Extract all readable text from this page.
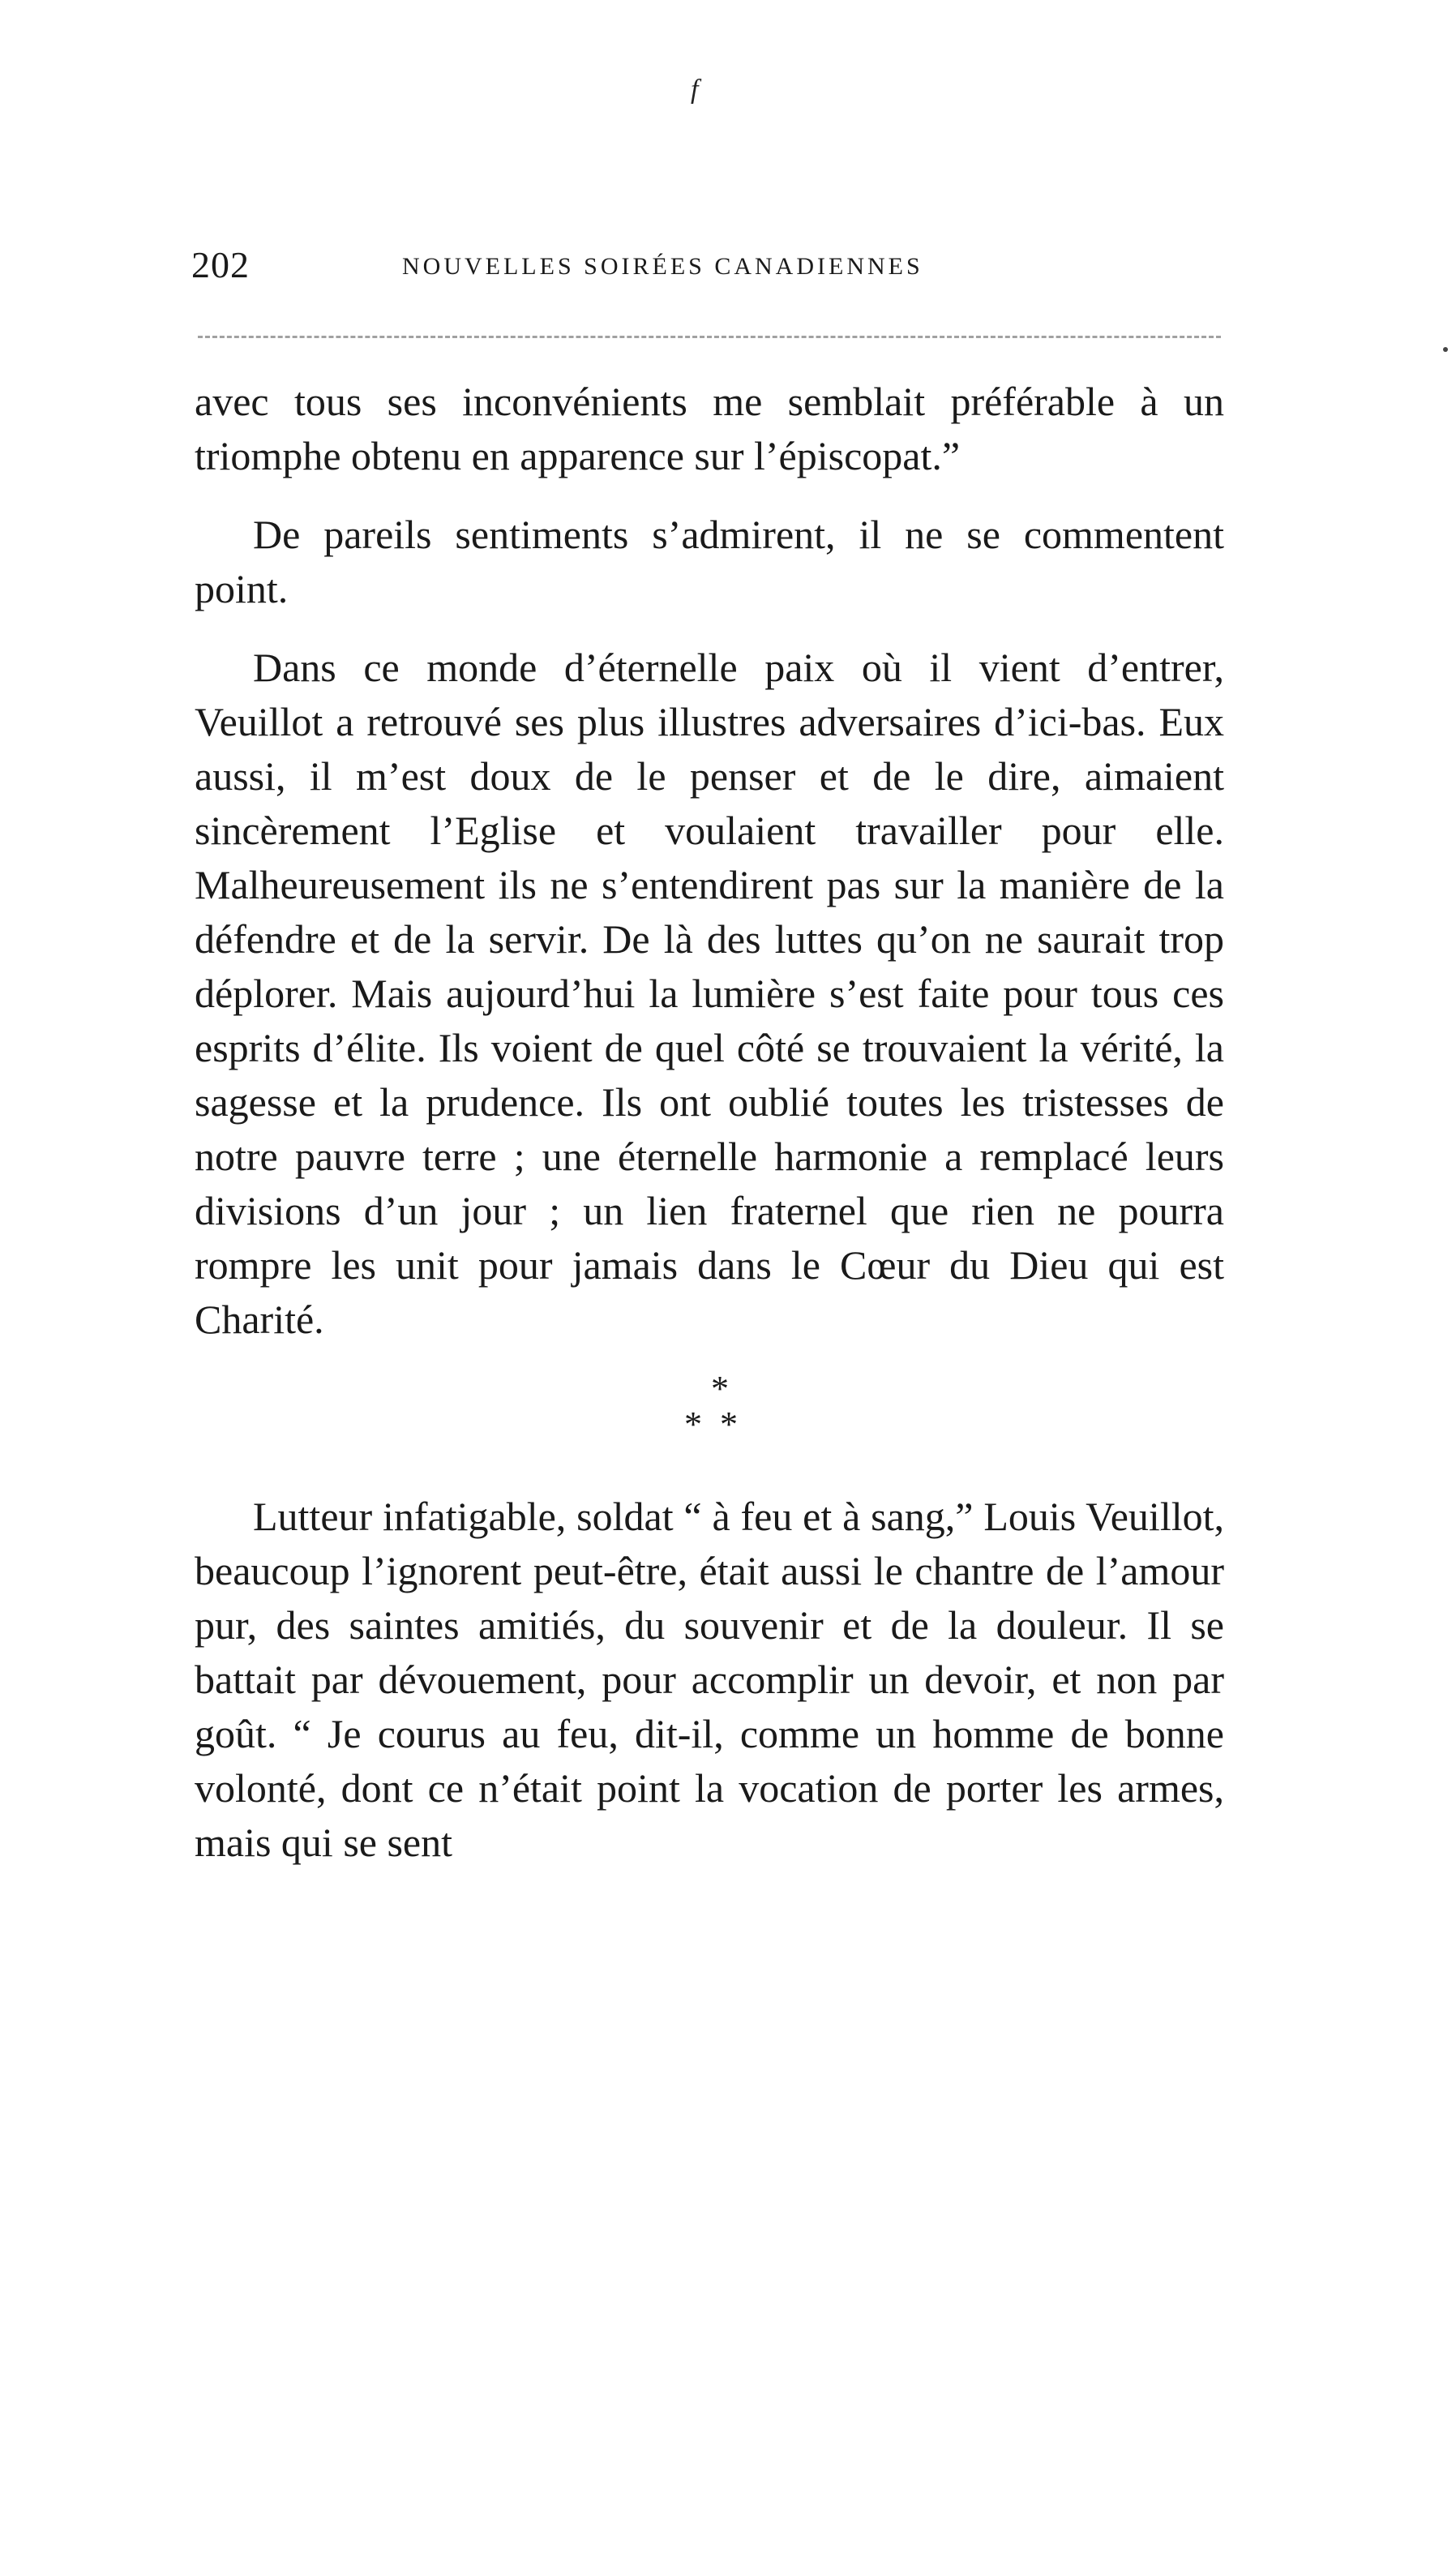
f
202	NOUVELLES SOIRÉES CANADIENNES

avec tous ses inconvénients me semblait préférable à un triomphe obtenu en apparence sur l’épiscopat.”

De pareils sentiments s’admirent, il ne se commentent point.

Dans ce monde d’éternelle paix où il vient d’entrer, Veuillot a retrouvé ses plus illustres adversaires d’ici-bas. Eux aussi, il m’est doux de le penser et de le dire, aimaient sincèrement l’Eglise et voulaient travailler pour elle. Malheureusement ils ne s’entendirent pas sur la manière de la défendre et de la servir. De là des luttes qu’on ne saurait trop déplorer. Mais aujourd’hui la lumière s’est faite pour tous ces esprits d’élite. Ils voient de quel côté se trouvaient la vérité, la sagesse et la prudence. Ils ont oublié toutes les tristesses de notre pauvre terre ; une éternelle harmonie a remplacé leurs divisions d’un jour ; un lien fraternel que rien ne pourra rompre les unit pour jamais dans le Cœur du Dieu qui est Charité.

*
**

Lutteur infatigable, soldat “ à feu et à sang,” Louis Veuillot, beaucoup l’ignorent peut-être, était aussi le chantre de l’amour pur, des saintes amitiés, du souvenir et de la douleur. Il se battait par dévouement, pour accomplir un devoir, et non par goût. “ Je courus au feu, dit-il, comme un homme de bonne volonté, dont ce n’était point la vocation de porter les armes, mais qui se sent
